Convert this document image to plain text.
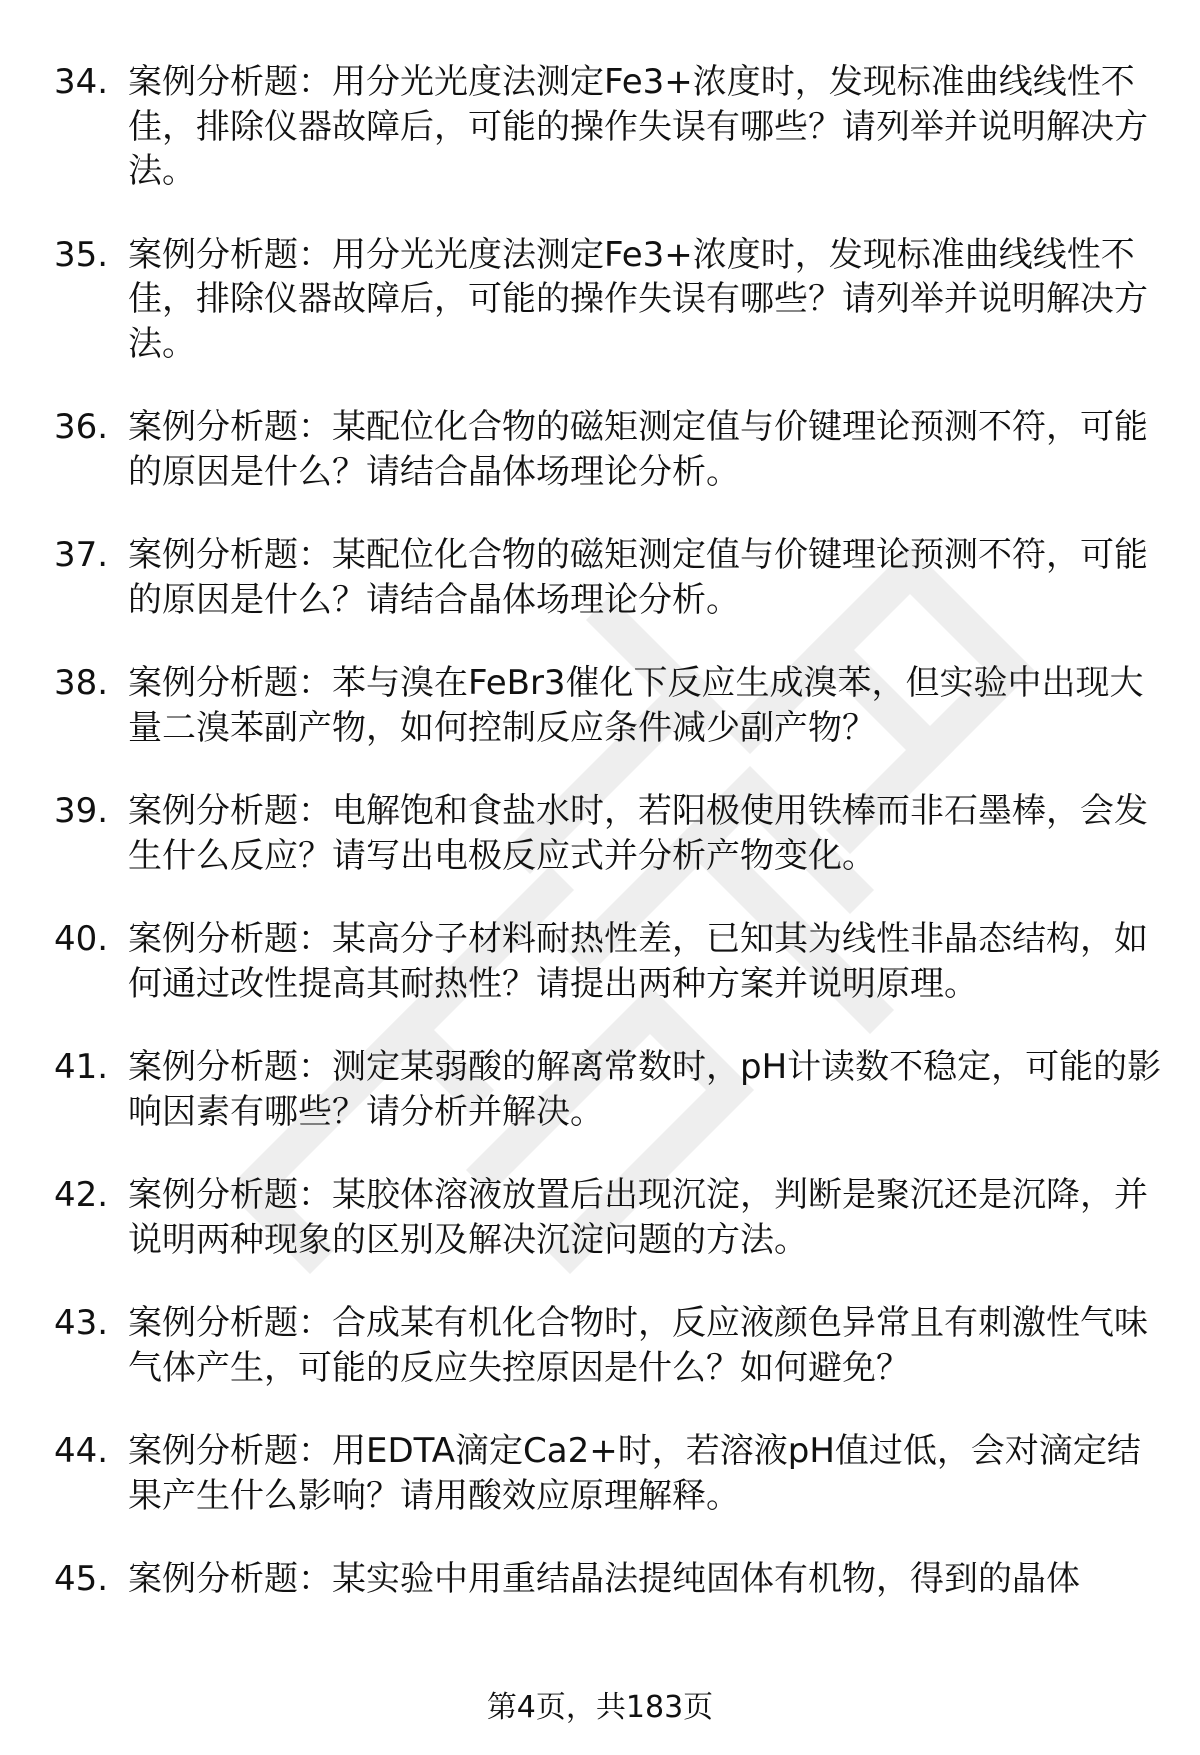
34. 案例分析题：用分光光度法测定Fe3+浓度时，发现标准曲线线性不佳，排除仪器故障后，可能的操作失误有哪些？请列举并说明解决方法。
35. 案例分析题：用分光光度法测定Fe3+浓度时，发现标准曲线线性不佳，排除仪器故障后，可能的操作失误有哪些？请列举并说明解决方法。
36. 案例分析题：某配位化合物的磁矩测定值与价键理论预测不符，可能的原因是什么？请结合晶体场理论分析。
37. 案例分析题：某配位化合物的磁矩测定值与价键理论预测不符，可能的原因是什么？请结合晶体场理论分析。
38. 案例分析题：苯与溴在FeBr3催化下反应生成溴苯，但实验中出现大量二溴苯副产物，如何控制反应条件减少副产物？
39. 案例分析题：电解饱和食盐水时，若阳极使用铁棒而非石墨棒，会发生什么反应？请写出电极反应式并分析产物变化。
40. 案例分析题：某高分子材料耐热性差，已知其为线性非晶态结构，如何通过改性提高其耐热性？请提出两种方案并说明原理。
41. 案例分析题：测定某弱酸的解离常数时，pH计读数不稳定，可能的影响因素有哪些？请分析并解决。
42. 案例分析题：某胶体溶液放置后出现沉淀，判断是聚沉还是沉降，并说明两种现象的区别及解决沉淀问题的方法。
43. 案例分析题：合成某有机化合物时，反应液颜色异常且有刺激性气味气体产生，可能的反应失控原因是什么？如何避免？
44. 案例分析题：用EDTA滴定Ca2+时，若溶液pH值过低，会对滴定结果产生什么影响？请用酸效应原理解释。
45. 案例分析题：某实验中用重结晶法提纯固体有机物，得到的晶体
第4页，共183页
